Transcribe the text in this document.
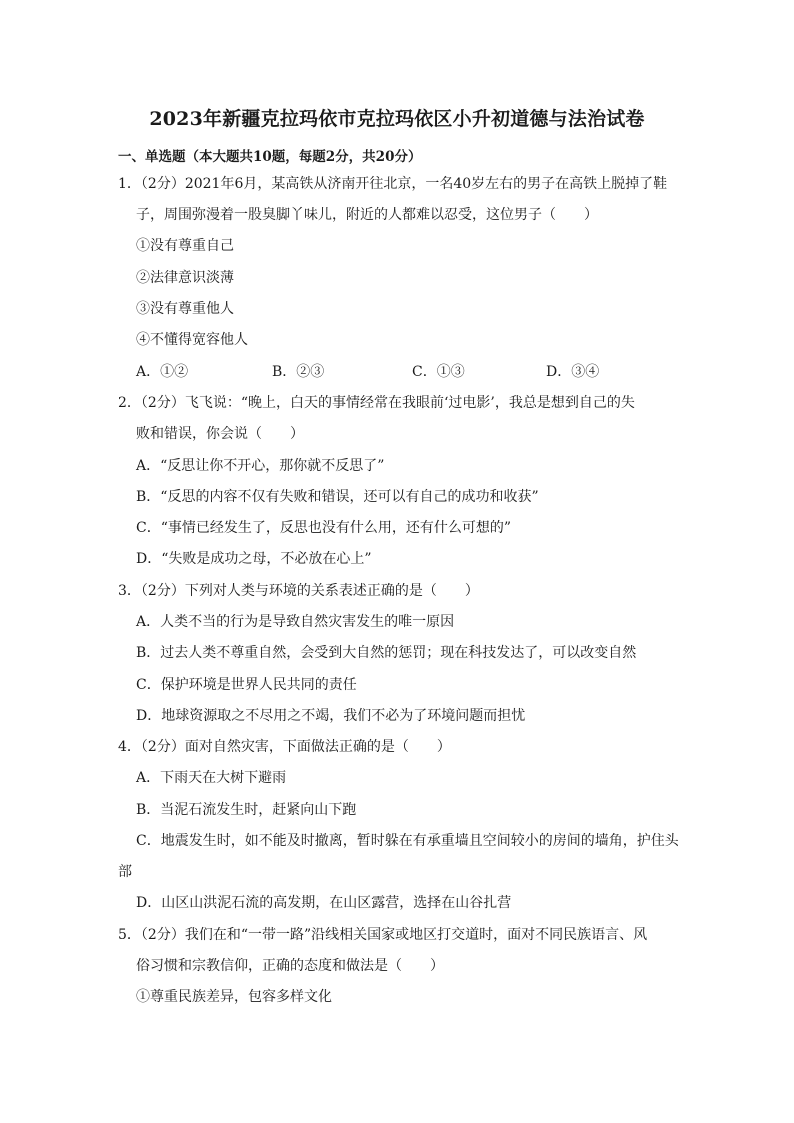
2023年新疆克拉玛依市克拉玛依区小升初道德与法治试卷
一、单选题（本大题共10题，每题2分，共20分）
1．（2分）2021年6月，某高铁从济南开往北京，一名40岁左右的男子在高铁上脱掉了鞋
子，周围弥漫着一股臭脚丫味儿，附近的人都难以忍受，这位男子（　　）
①没有尊重自己
②法律意识淡薄
③没有尊重他人
④不懂得宽容他人
A．①②	B．②③	C．①③	D．③④
2．（2分）飞飞说：“晚上，白天的事情经常在我眼前‘过电影’，我总是想到自己的失
败和错误，你会说（　　）
A．“反思让你不开心，那你就不反思了”
B．“反思的内容不仅有失败和错误，还可以有自己的成功和收获”
C．“事情已经发生了，反思也没有什么用，还有什么可想的”
D．“失败是成功之母，不必放在心上”
3．（2分）下列对人类与环境的关系表述正确的是（　　）
A．人类不当的行为是导致自然灾害发生的唯一原因
B．过去人类不尊重自然，会受到大自然的惩罚；现在科技发达了，可以改变自然
C．保护环境是世界人民共同的责任
D．地球资源取之不尽用之不竭，我们不必为了环境问题而担忧
4．（2分）面对自然灾害，下面做法正确的是（　　）
A．下雨天在大树下避雨
B．当泥石流发生时，赶紧向山下跑
C．地震发生时，如不能及时撤离，暂时躲在有承重墙且空间较小的房间的墙角，护住头
部
D．山区山洪泥石流的高发期，在山区露营，选择在山谷扎营
5．（2分）我们在和“一带一路”沿线相关国家或地区打交道时，面对不同民族语言、风
俗习惯和宗教信仰，正确的态度和做法是（　　）
①尊重民族差异，包容多样文化
